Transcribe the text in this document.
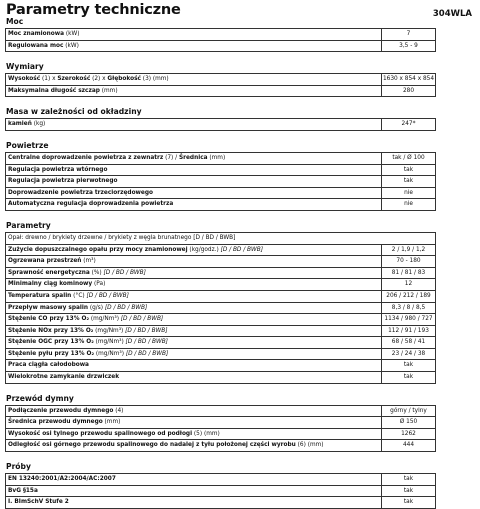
Parametry techniczne	304WLA
Moc
Moc znamionowa (kW)	7
Regulowana moc (kW)	3,5 - 9
Wymiary
Wysokość (1) x Szerokość (2) x Głębokość (3) (mm)	1630 x 854 x 854
Maksymalna długość szczap (mm)	280
Masa w zależności od okładziny
kamień (kg)	247*
Powietrze
Centralne doprowadzenie powietrza z zewnatrz (7) / Średnica (mm)	tak / Ø 100
Regulacja powietrza wtórnego	tak
Regulacja powietrza pierwotnego	tak
Doprowadzenie powietrza trzeciorzędowego	nie
Automatyczna regulacja doprowadzenia powietrza	nie
Parametry
Opał: drewno / brykiety drzewne / brykiety z węgla brunatnego [D / BD / BWB]
Zużycie dopuszczalnego opału przy mocy znamionowej (kg/godz.) [D / BD / BWB]	2 / 1,9 / 1,2
Ogrzewana przestrzeń (m³)	70 - 180
Sprawność energetyczna (%) [D / BD / BWB]	81 / 81 / 83
Minimalny ciąg kominowy (Pa)	12
Temperatura spalin (°C) [D / BD / BWB]	206 / 212 / 189
Przepływ masowy spalin (g/s) [D / BD / BWB]	8,3 / 8 / 8,5
Stężenie CO przy 13% O₂ (mg/Nm³) [D / BD / BWB]	1134 / 980 / 727
Stężenie NOx przy 13% O₂ (mg/Nm³) [D / BD / BWB]	112 / 91 / 193
Stężenie OGC przy 13% O₂ (mg/Nm³) [D / BD / BWB]	68 / 58 / 41
Stężenie pyłu przy 13% O₂ (mg/Nm³) [D / BD / BWB]	23 / 24 / 38
Praca ciągła całodobowa	tak
Wielokrotne zamykanie drzwiczek	tak
Przewód dymny
Podłączenie przewodu dymnego (4)	górny / tylny
Średnica przewodu dymnego (mm)	Ø 150
Wysokość osi tylnego przewodu spalinowego od podłogi (5) (mm)	1262
Odległość osi górnego przewodu spalinowego do nadalej z tyłu położonej części wyrobu (6) (mm)	444
Próby
EN 13240:2001/A2:2004/AC:2007	tak
BvG §15a	tak
I. BImSchV Stufe 2	tak
